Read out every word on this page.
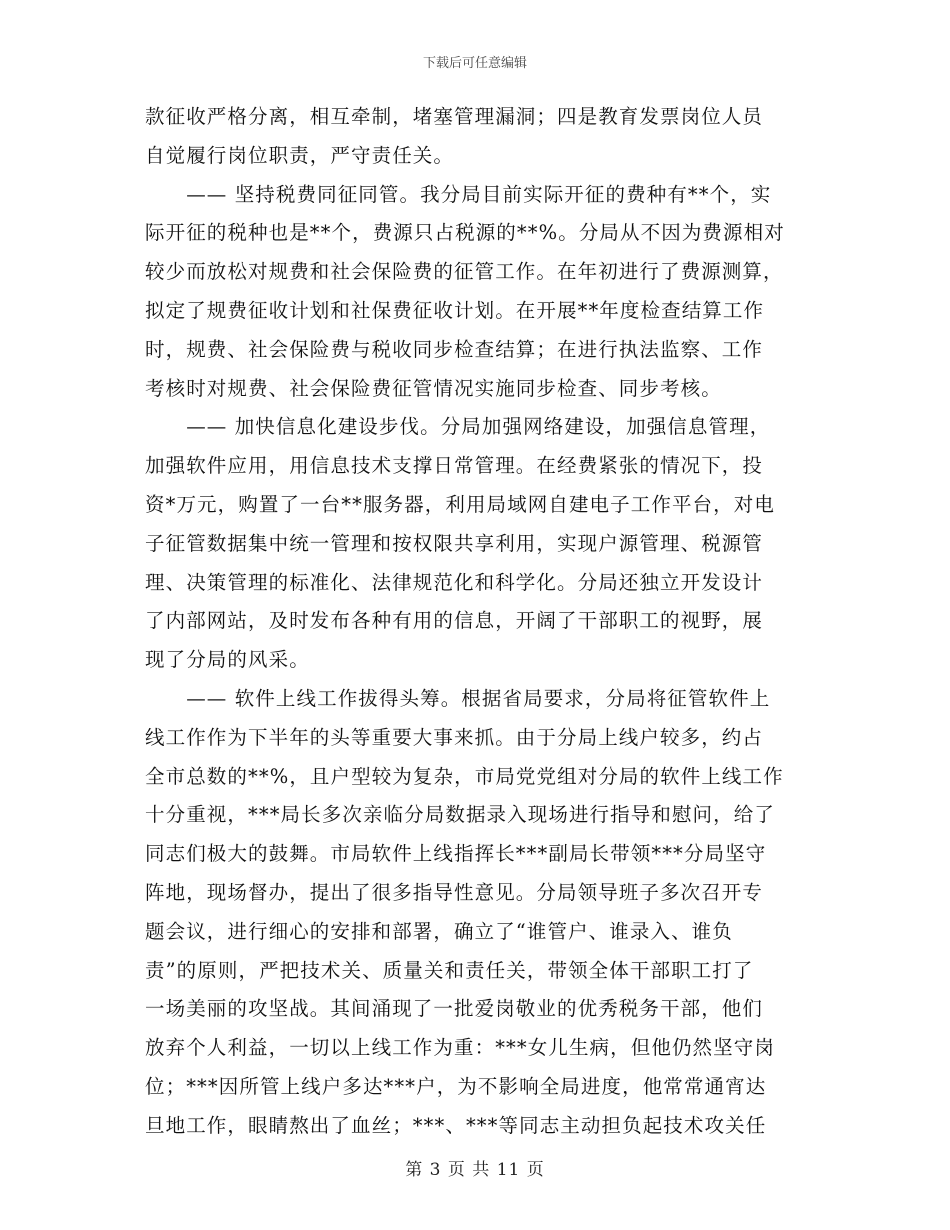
下载后可任意编辑
款征收严格分离，相互牵制，堵塞管理漏洞；四是教育发票岗位人员
自觉履行岗位职责，严守责任关。
　　—— 坚持税费同征同管。我分局目前实际开征的费种有**个，实
际开征的税种也是**个，费源只占税源的**%。分局从不因为费源相对
较少而放松对规费和社会保险费的征管工作。在年初进行了费源测算，
拟定了规费征收计划和社保费征收计划。在开展**年度检查结算工作
时，规费、社会保险费与税收同步检查结算；在进行执法监察、工作
考核时对规费、社会保险费征管情况实施同步检查、同步考核。
　　—— 加快信息化建设步伐。分局加强网络建设，加强信息管理，
加强软件应用，用信息技术支撑日常管理。在经费紧张的情况下，投
资*万元，购置了一台**服务器，利用局域网自建电子工作平台，对电
子征管数据集中统一管理和按权限共享利用，实现户源管理、税源管
理、决策管理的标准化、法律规范化和科学化。分局还独立开发设计
了内部网站，及时发布各种有用的信息，开阔了干部职工的视野，展
现了分局的风采。
　　—— 软件上线工作拔得头筹。根据省局要求，分局将征管软件上
线工作作为下半年的头等重要大事来抓。由于分局上线户较多，约占
全市总数的**%，且户型较为复杂，市局党党组对分局的软件上线工作
十分重视，***局长多次亲临分局数据录入现场进行指导和慰问，给了
同志们极大的鼓舞。市局软件上线指挥长***副局长带领***分局坚守
阵地，现场督办，提出了很多指导性意见。分局领导班子多次召开专
题会议，进行细心的安排和部署，确立了“谁管户、谁录入、谁负
责”的原则，严把技术关、质量关和责任关，带领全体干部职工打了
一场美丽的攻坚战。其间涌现了一批爱岗敬业的优秀税务干部，他们
放弃个人利益，一切以上线工作为重：***女儿生病，但他仍然坚守岗
位；***因所管上线户多达***户，为不影响全局进度，他常常通宵达
旦地工作，眼睛熬出了血丝；***、***等同志主动担负起技术攻关任
第 3 页 共 11 页
